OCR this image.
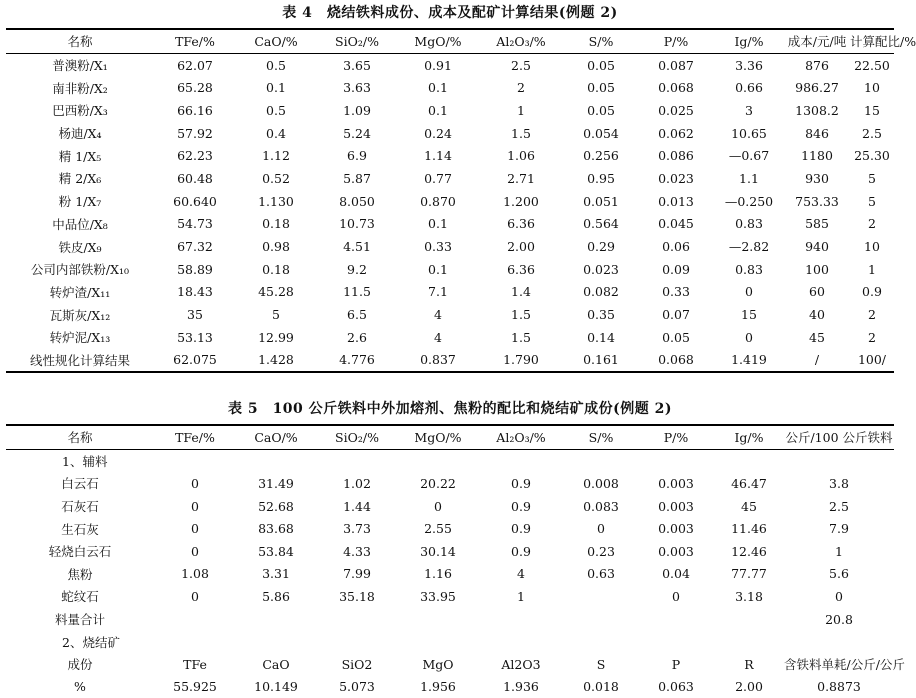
表 4　烧结铁料成份、成本及配矿计算结果(例题 2)
名称	TFe/%	CaO/%	SiO₂/%	MgO/%	Al₂O₃/%	S/%	P/%	Ig/%	成本/元/吨	计算配比/%
普澳粉/X₁	62.07	0.5	3.65	0.91	2.5	0.05	0.087	3.36	876	22.50
南非粉/X₂	65.28	0.1	3.63	0.1	2	0.05	0.068	0.66	986.27	10
巴西粉/X₃	66.16	0.5	1.09	0.1	1	0.05	0.025	3	1308.2	15
杨迪/X₄	57.92	0.4	5.24	0.24	1.5	0.054	0.062	10.65	846	2.5
精 1/X₅	62.23	1.12	6.9	1.14	1.06	0.256	0.086	—0.67	1180	25.30
精 2/X₆	60.48	0.52	5.87	0.77	2.71	0.95	0.023	1.1	930	5
粉 1/X₇	60.640	1.130	8.050	0.870	1.200	0.051	0.013	—0.250	753.33	5
中品位/X₈	54.73	0.18	10.73	0.1	6.36	0.564	0.045	0.83	585	2
铁皮/X₉	67.32	0.98	4.51	0.33	2.00	0.29	0.06	—2.82	940	10
公司内部铁粉/X₁₀	58.89	0.18	9.2	0.1	6.36	0.023	0.09	0.83	100	1
转炉渣/X₁₁	18.43	45.28	11.5	7.1	1.4	0.082	0.33	0	60	0.9
瓦斯灰/X₁₂	35	5	6.5	4	1.5	0.35	0.07	15	40	2
转炉泥/X₁₃	53.13	12.99	2.6	4	1.5	0.14	0.05	0	45	2
线性规化计算结果	62.075	1.428	4.776	0.837	1.790	0.161	0.068	1.419	/	100/
表 5　100 公斤铁料中外加熔剂、焦粉的配比和烧结矿成份(例题 2)
名称	TFe/%	CaO/%	SiO₂/%	MgO/%	Al₂O₃/%	S/%	P/%	Ig/%	公斤/100 公斤铁料
1、辅料									
白云石	0	31.49	1.02	20.22	0.9	0.008	0.003	46.47	3.8
石灰石	0	52.68	1.44	0	0.9	0.083	0.003	45	2.5
生石灰	0	83.68	3.73	2.55	0.9	0	0.003	11.46	7.9
轻烧白云石	0	53.84	4.33	30.14	0.9	0.23	0.003	12.46	1
焦粉	1.08	3.31	7.99	1.16	4	0.63	0.04	77.77	5.6
蛇纹石	0	5.86	35.18	33.95	1		0	3.18	0
料量合计									20.8
2、烧结矿									
成份	TFe	CaO	SiO2	MgO	Al2O3	S	P	R	含铁料单耗/公斤/公斤
%	55.925	10.149	5.073	1.956	1.936	0.018	0.063	2.00	0.8873
